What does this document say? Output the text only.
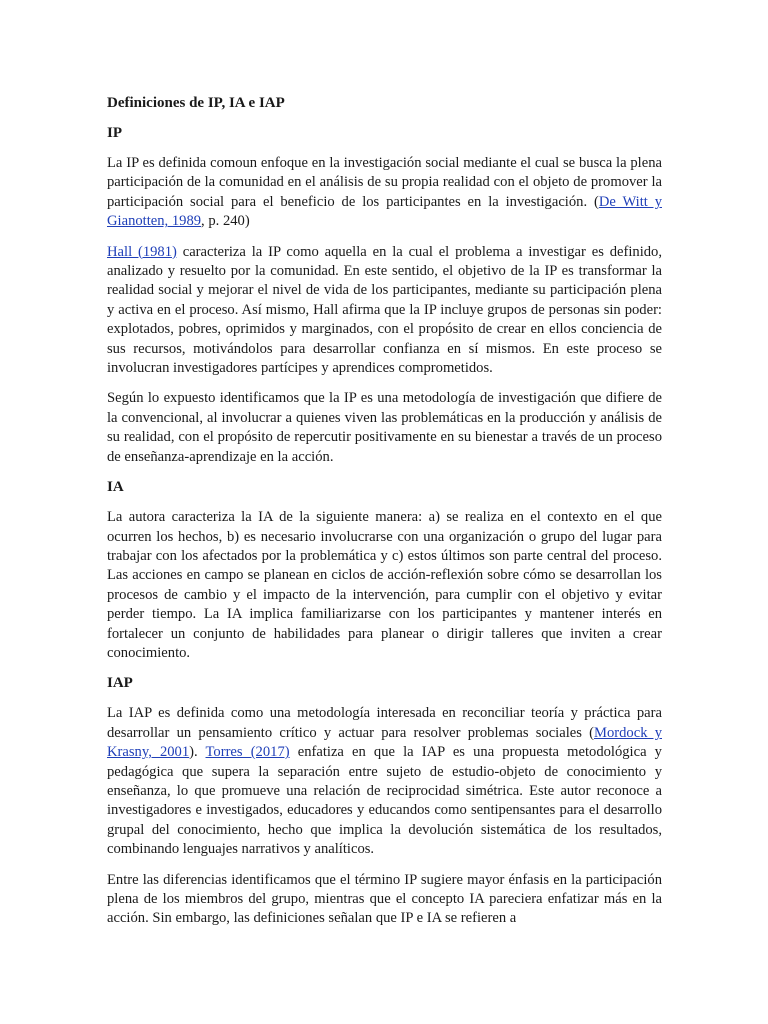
Definiciones de IP, IA e IAP
IP

La IP es definida comoun enfoque en la investigación social mediante el cual se busca la plena participación de la comunidad en el análisis de su propia realidad con el objeto de promover la participación social para el beneficio de los participantes en la investigación. (De Witt y Gianotten, 1989, p. 240)

Hall (1981) caracteriza la IP como aquella en la cual el problema a investigar es definido, analizado y resuelto por la comunidad. En este sentido, el objetivo de la IP es transformar la realidad social y mejorar el nivel de vida de los participantes, mediante su participación plena y activa en el proceso. Así mismo, Hall afirma que la IP incluye grupos de personas sin poder: explotados, pobres, oprimidos y marginados, con el propósito de crear en ellos conciencia de sus recursos, motivándolos para desarrollar confianza en sí mismos. En este proceso se involucran investigadores partícipes y aprendices comprometidos.

Según lo expuesto identificamos que la IP es una metodología de investigación que difiere de la convencional, al involucrar a quienes viven las problemáticas en la producción y análisis de su realidad, con el propósito de repercutir positivamente en su bienestar a través de un proceso de enseñanza-aprendizaje en la acción.

IA

La autora caracteriza la IA de la siguiente manera: a) se realiza en el contexto en el que ocurren los hechos, b) es necesario involucrarse con una organización o grupo del lugar para trabajar con los afectados por la problemática y c) estos últimos son parte central del proceso. Las acciones en campo se planean en ciclos de acción-reflexión sobre cómo se desarrollan los procesos de cambio y el impacto de la intervención, para cumplir con el objetivo y evitar perder tiempo. La IA implica familiarizarse con los participantes y mantener interés en fortalecer un conjunto de habilidades para planear o dirigir talleres que inviten a crear conocimiento.

IAP

La IAP es definida como una metodología interesada en reconciliar teoría y práctica para desarrollar un pensamiento crítico y actuar para resolver problemas sociales (Mordock y Krasny, 2001). Torres (2017) enfatiza en que la IAP es una propuesta metodológica y pedagógica que supera la separación entre sujeto de estudio-objeto de conocimiento y enseñanza, lo que promueve una relación de reciprocidad simétrica. Este autor reconoce a investigadores e investigados, educadores y educandos como sentipensantes para el desarrollo grupal del conocimiento, hecho que implica la devolución sistemática de los resultados, combinando lenguajes narrativos y analíticos.

Entre las diferencias identificamos que el término IP sugiere mayor énfasis en la participación plena de los miembros del grupo, mientras que el concepto IA pareciera enfatizar más en la acción. Sin embargo, las definiciones señalan que IP e IA se refieren a
